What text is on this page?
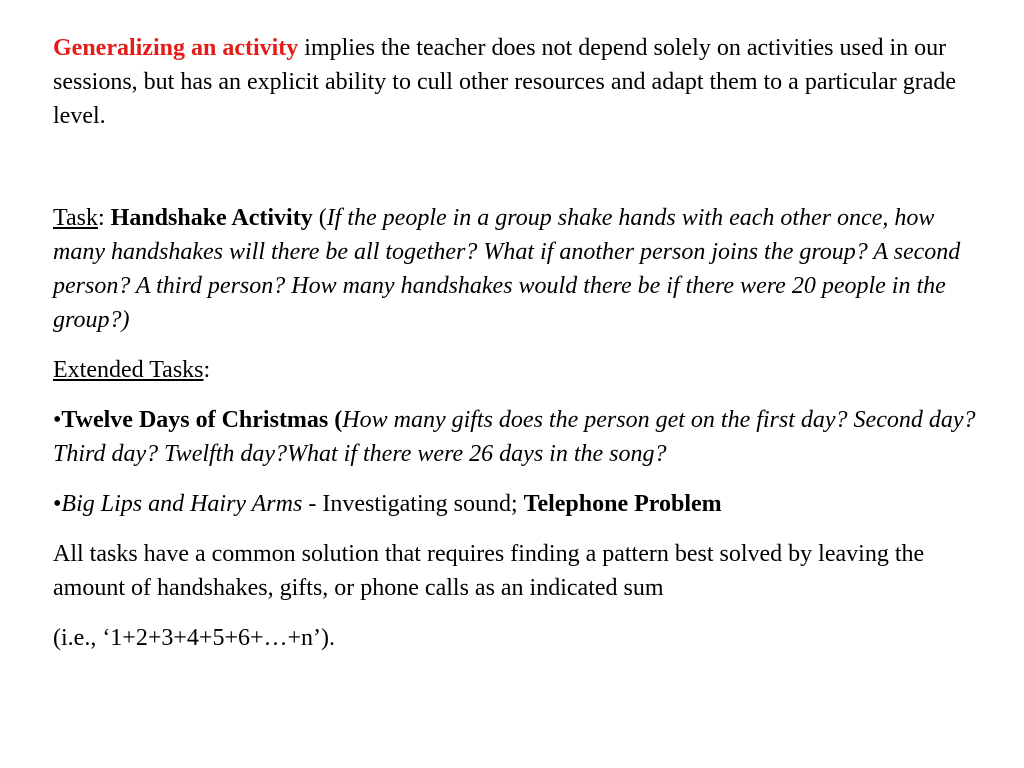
Generalizing an activity implies the teacher does not depend solely on activities used in our sessions, but has an explicit ability to cull other resources and adapt them to a particular grade level.

Task: Handshake Activity (If the people in a group shake hands with each other once, how many handshakes will there be all together? What if another person joins the group? A second person? A third person? How many handshakes would there be if there were 20 people in the group?)

Extended Tasks:

•Twelve Days of Christmas (How many gifts does the person get on the first day? Second day? Third day? Twelfth day?What if there were 26 days in the song?

•Big Lips and Hairy Arms - Investigating sound; Telephone Problem

All tasks have a common solution that requires finding a pattern best solved by leaving the amount of handshakes, gifts, or phone calls as an indicated sum

(i.e., ‘1+2+3+4+5+6+…+n’).
